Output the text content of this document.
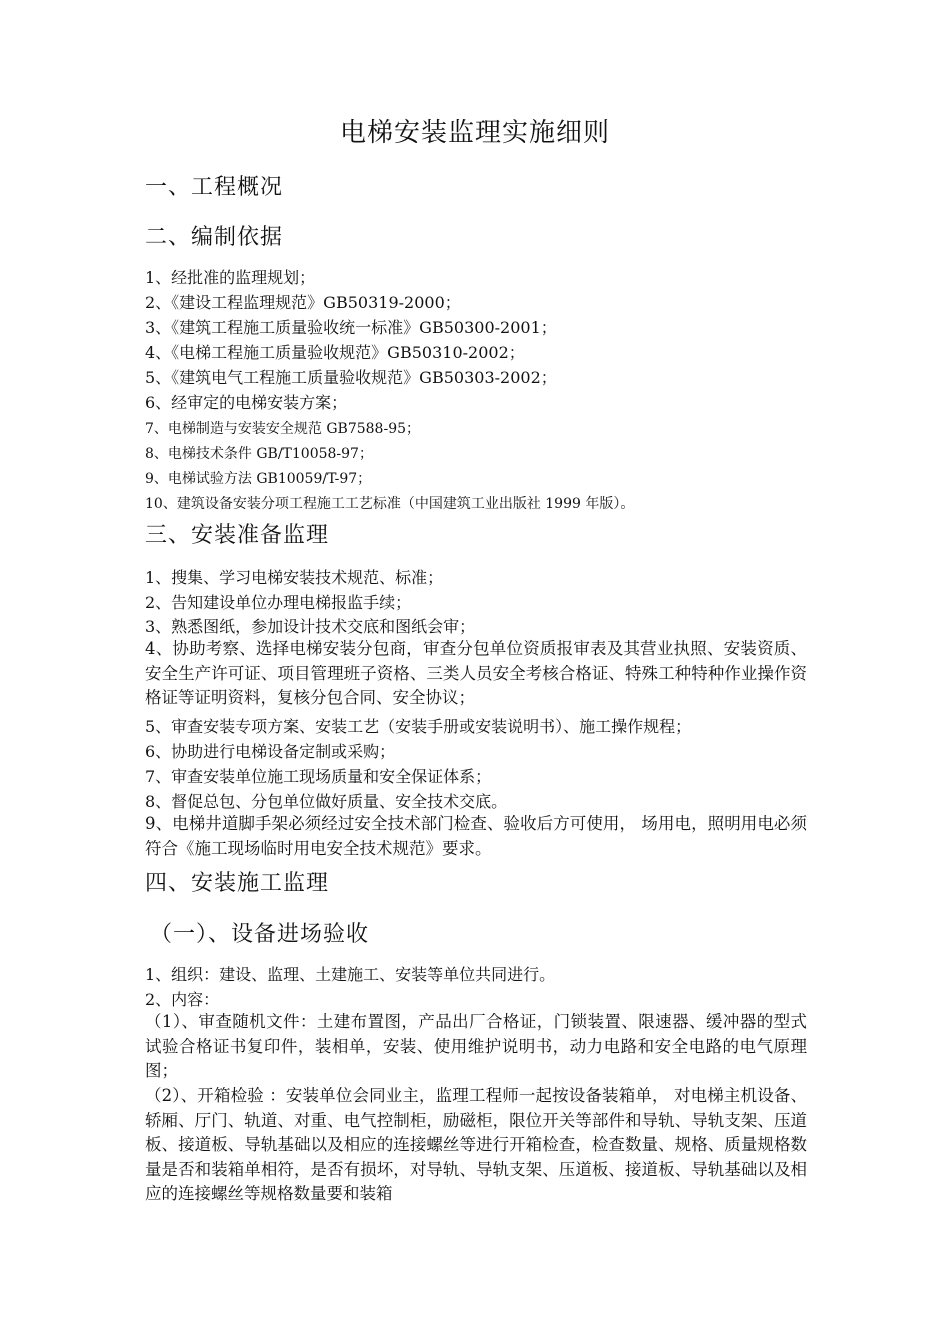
电梯安装监理实施细则
一、工程概况
二、编制依据
1、经批准的监理规划；
2、《建设工程监理规范》GB50319-2000；
3、《建筑工程施工质量验收统一标准》GB50300-2001；
4、《电梯工程施工质量验收规范》GB50310-2002；
5、《建筑电气工程施工质量验收规范》GB50303-2002；
6、经审定的电梯安装方案；
7、电梯制造与安装安全规范 GB7588-95；
8、电梯技术条件 GB/T10058-97；
9、电梯试验方法 GB10059/T-97；
10、建筑设备安装分项工程施工工艺标准（中国建筑工业出版社 1999 年版）。
三、安装准备监理
1、搜集、学习电梯安装技术规范、标准；
2、告知建设单位办理电梯报监手续；
3、熟悉图纸，参加设计技术交底和图纸会审；
4、协助考察、选择电梯安装分包商，审查分包单位资质报审表及其营业执照、安装资质、安全生产许可证、项目管理班子资格、三类人员安全考核合格证、特殊工种特种作业操作资格证等证明资料，复核分包合同、安全协议；
5、审查安装专项方案、安装工艺（安装手册或安装说明书）、施工操作规程；
6、协助进行电梯设备定制或采购；
7、审查安装单位施工现场质量和安全保证体系；
8、督促总包、分包单位做好质量、安全技术交底。
9、电梯井道脚手架必须经过安全技术部门检查、验收后方可使用， 场用电，照明用电必须符合《施工现场临时用电安全技术规范》要求。
四、安装施工监理
（一）、设备进场验收
1、组织：建设、监理、土建施工、安装等单位共同进行。
2、内容：
（1）、审查随机文件：土建布置图，产品出厂合格证，门锁装置、限速器、缓冲器的型式试验合格证书复印件，装相单，安装、使用维护说明书，动力电路和安全电路的电气原理图；
（2）、开箱检验 ：安装单位会同业主，监理工程师一起按设备装箱单， 对电梯主机设备、轿厢、厅门、轨道、对重、电气控制柜，励磁柜，限位开关等部件和导轨、导轨支架、压道板、接道板、导轨基础以及相应的连接螺丝等进行开箱检查，检查数量、规格、质量规格数量是否和装箱单相符，是否有损坏，对导轨、导轨支架、压道板、接道板、导轨基础以及相应的连接螺丝等规格数量要和装箱
